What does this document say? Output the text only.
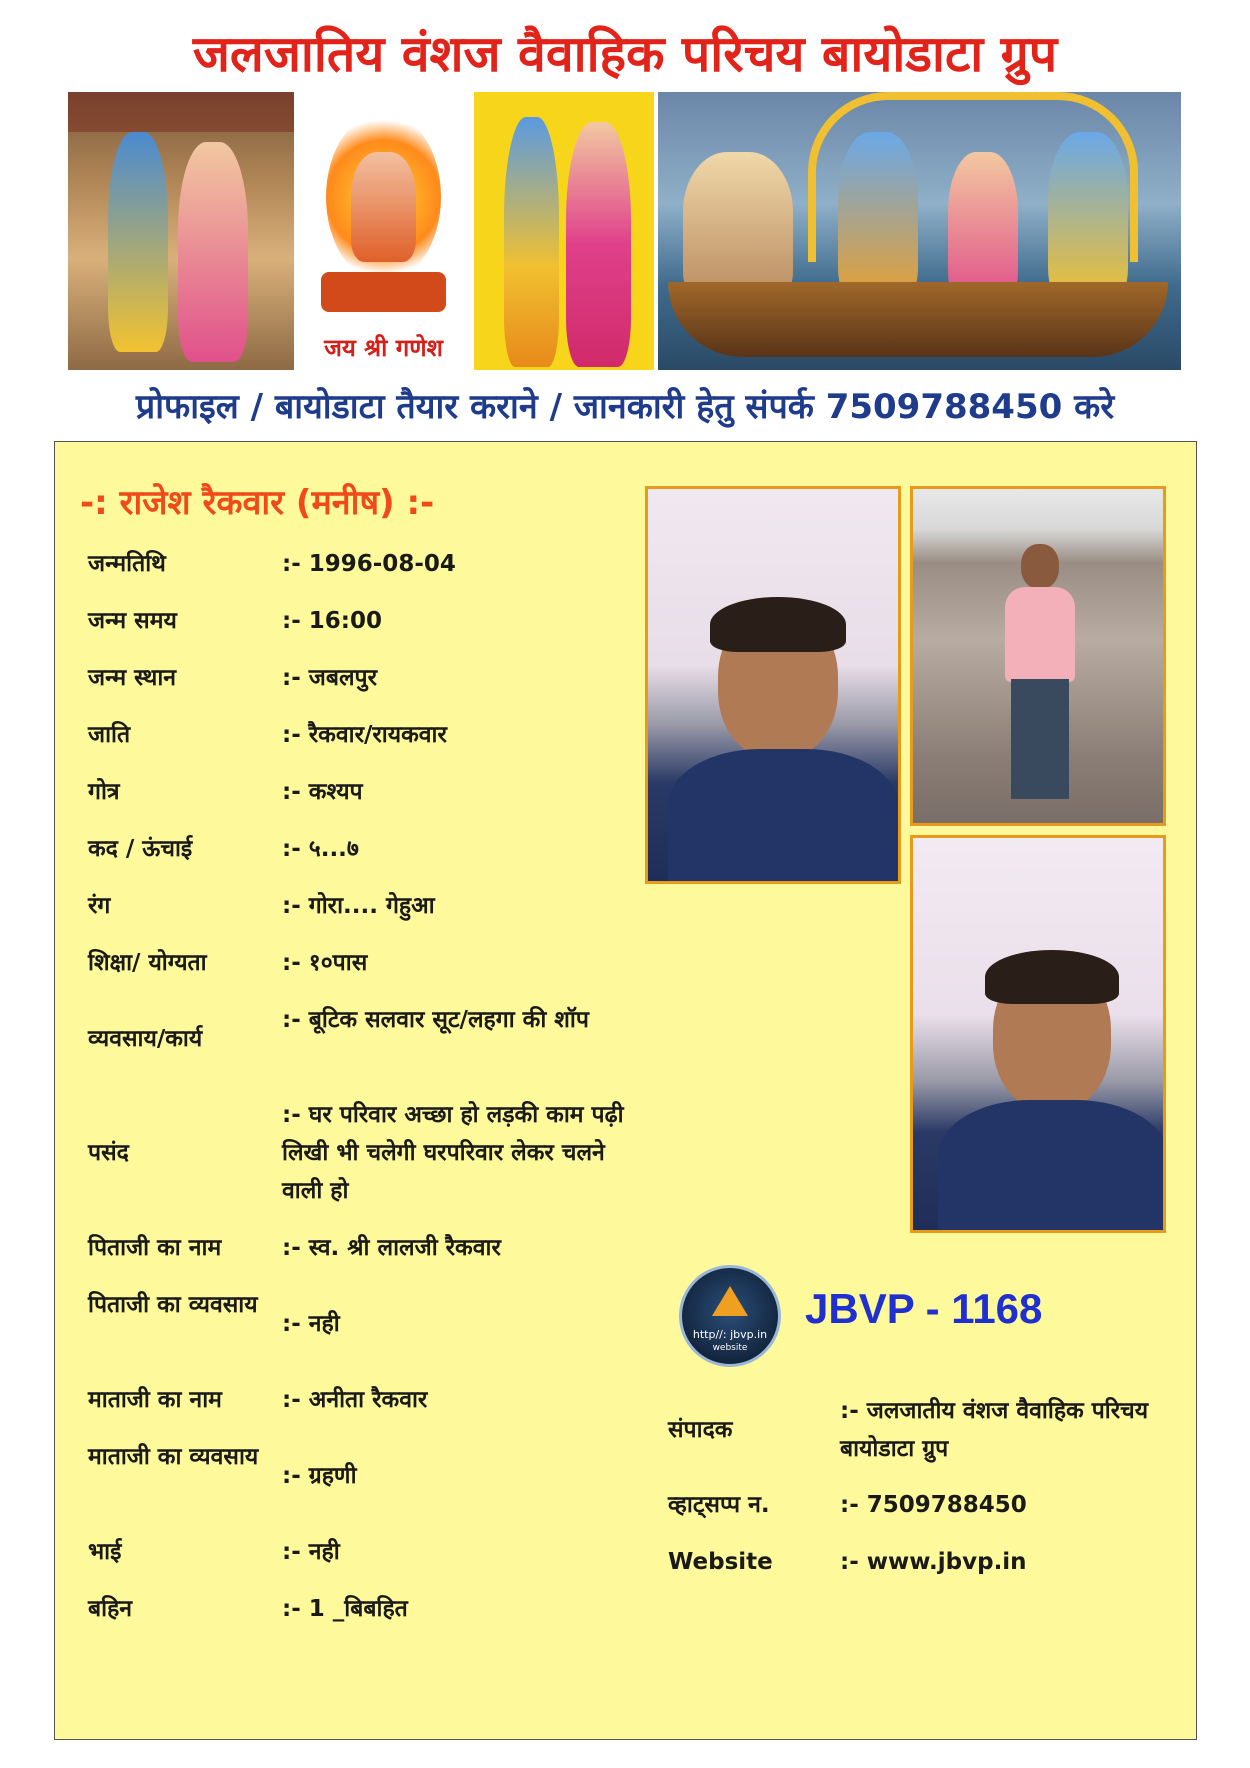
जलजातिय वंशज वैवाहिक परिचय बायोडाटा ग्रुप
जय श्री गणेश
प्रोफाइल / बायोडाटा तैयार कराने / जानकारी हेतु संपर्क 7509788450 करे
-: राजेश रैकवार (मनीष) :-
जन्मतिथि	:- 1996-08-04
जन्म समय	:- 16:00
जन्म स्थान	:- जबलपुर
जाति	:- रैकवार/रायकवार
गोत्र	:- कश्यप
कद / ऊंचाई	:- ५...७
रंग	:- गोरा.... गेहुआ
शिक्षा/ योग्यता	:- १०पास
व्यवसाय/कार्य
:- बूटिक सलवार सूट/लहगा की शॉप
पसंद
:- घर परिवार अच्छा हो लड़की काम पढ़ी लिखी भी चलेगी घरपरिवार लेकर चलने वाली हो
पिताजी का नाम	:- स्व. श्री लालजी रैकवार
पिताजी का व्यवसाय
:- नही
माताजी का नाम	:- अनीता रैकवार
माताजी का व्यवसाय
:- ग्रहणी
भाई	:- नही
बहिन	:- 1 _बिबहित
http//: jbvp.in
website
JBVP - 1168
संपादक
:- जलजातीय वंशज वैवाहिक परिचय बायोडाटा ग्रुप
व्हाट्सप्प न.	:- 7509788450
Website	:- www.jbvp.in
